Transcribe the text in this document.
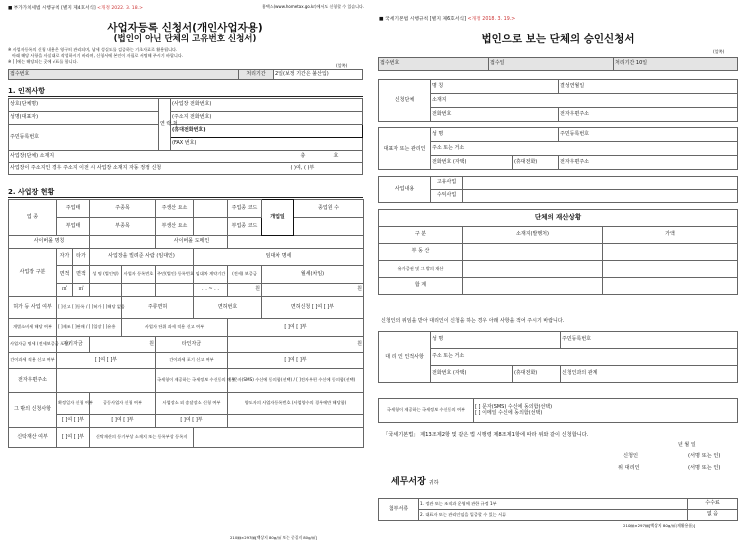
■ 부가가치세법 시행규칙 [별지 제4호서식] <개정 2022. 3. 18.>	홈택스(www.hometax.go.kr)에서도 신청할 수 있습니다.
사업자등록 신청서(개인사업자용)
(법인이 아닌 단체의 고유번호 신청서)
※ 사업자등록의 신청 내용은 영구히 관리되며, 납세 성실도를 검증하는 기초자료로 활용됩니다.
아래 해당 사항을 사실대로 작성하시기 바라며, 신청서에 본인이 자필로 서명해 주시기 바랍니다.
※ [ ]에는 해당되는 곳에 √표를 합니다.
(앞쪽)
접수번호	처리기간	2일(보정 기간은 불산입)
1. 인적사항
상호(단체명)	연 락 처	(사업장 전화번호)
성명(대표자)		(주소지 전화번호)
주민등록번호		(휴대전화번호)
		(FAX 번호)
사업장(단체) 소재지 층 호		

사업장이 주소지인 경우 주소지 이전 시 사업장 소재지 자동 정정 신청 ( )여, ( )부		
2. 사업장 현황
업 종	주업태		주종목		주생산 요소		주업종 코드	개업일	종업원 수
	부업태		부종목		부생산 요소		부업종 코드		
사이버몰 명칭					사이버몰 도메인				
사업장 구분	자가	타가	사업장을 빌려준 사람 (임대인)			임대차 명세			
	면적	면적	성 명 (법인명)	사업자 등록번호	주민(법인) 등록번호	임대차 계약기간	(전세) 보증금	월세(차임)	
	㎡	㎡				. . ~ . .	원	원	
허가 등 사업 여부	[ ]신고 [ ]등록 / [ ]허가 [ ]해당 없음			주류면허		면허번호		면허신청 [ ]여 [ ]부	
개별소비세 해당 여부	[ ]제조 [ ]판매 / [ ]입장 [ ]유흥			사업자 단위 과세 적용 신고 여부			[ ]여 [ ]부		
사업자금 명세 (전세보증금 포함)	자기자금		원		타인자금		원		
간이과세 적용 신고 여부	[ ]여 [ ]부				간이과세 포기 신고 여부		[ ]여 [ ]부		
전자우편주소					국세청이 제공하는 국세정보 수신동의 여부		[ ]문자(SMS) 수신에 동의함(선택) / [ ]전자우편 수신에 동의함(선택)		
그 밖의 신청사항	확정일자 신청 여부		공동사업자 신청 여부		사업장소 외 송달장소 신청 여부		양도자의 사업자등록번호 (사업양수의 경우에만 해당함)		
	[ ]여 [ ]부		[ ]여 [ ]부		[ ]여 [ ]부				
신탁재산 여부	[ ]여 [ ]부		신탁재산의 등기부상 소재지 또는 등록부상 등록지						
210㎜×297㎜[백상지 80g/㎡ 또는 중질지 80g/㎡]
■ 국세기본법 시행규칙 [별지 제6호서식] <개정 2018. 3. 19.>
법인으로 보는 단체의 승인신청서
(앞쪽)
접수번호	접수일	처리기간 10일
신청단체	명 칭	결성연월일
	소재지	
	전화번호	전자우편주소
대표자 또는 관리인	성 명		주민등록번호
	주소 또는 거소		
	전화번호 (자택)	(휴대전화)	전자우편주소
사업내용	고유사업	
	수익사업	
단체의 재산상황		
구 분	소재지(발행처)	가액
부 동 산		
유가증권 및 그 밖의 재산		
합 계		
신청인의 위임을 받아 대리인이 신청을 하는 경우 아래 사항을 적어 주시기 바랍니다.
대 리 인 인적사항	성 명		주민등록번호
	주소 또는 거소		
	전화번호 (자택)	(휴대전화)	신청인과의 관계
국세청이 제공하는 국세정보 수신동의 여부	[ ] 문자(SMS) 수신에 동의함(선택)
[ ] 이메일 수신에 동의함(선택)
「국세기본법」 제13조제2항 및 같은 법 시행령 제8조제1항에 따라 위와 같이 신청합니다.
년 월 일
신청인	(서명 또는 인)
위 대리인	(서명 또는 인)
세무서장 귀하
첨부서류	1. 정관 또는 조직과 운영에 관한 규정 1부	수수료
	2. 대표자 또는 관리인임을 입증할 수 있는 서류	없 음
210㎜×297㎜[백상지 80g/㎡(재활용품)]
